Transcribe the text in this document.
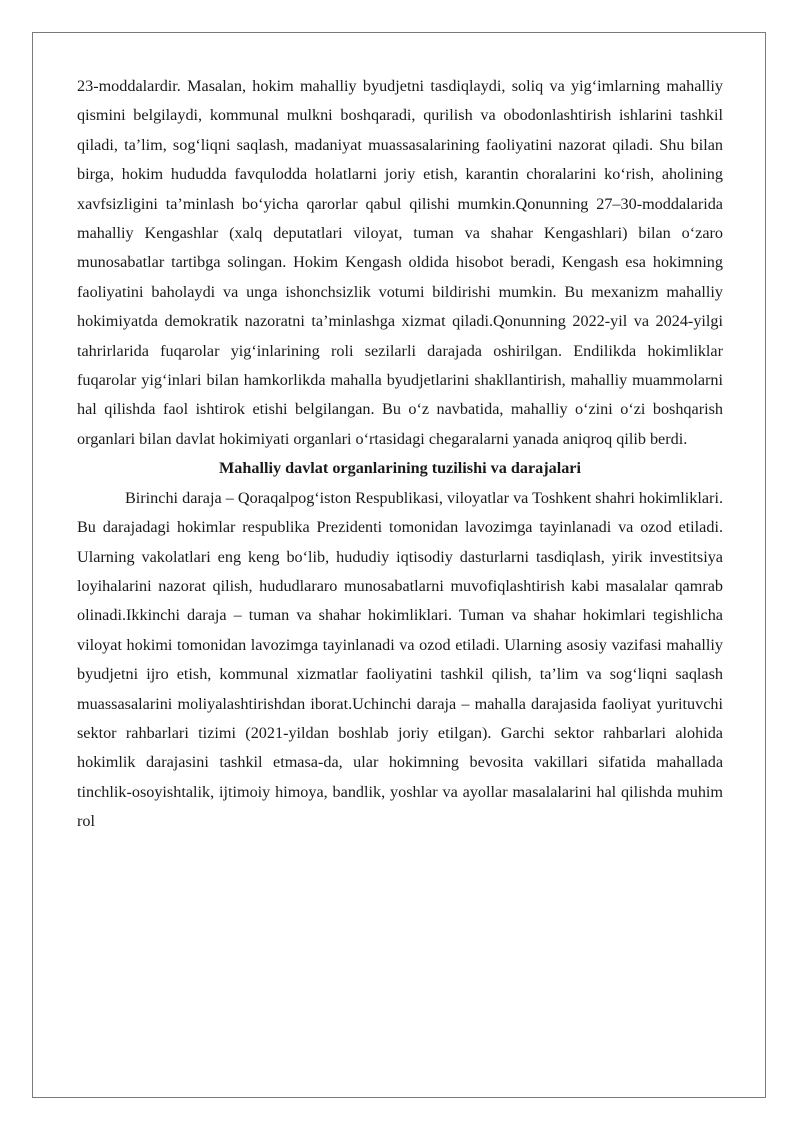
23-moddalardir. Masalan, hokim mahalliy byudjetni tasdiqlaydi, soliq va yig‘imlarning mahalliy qismini belgilaydi, kommunal mulkni boshqaradi, qurilish va obodonlashtirish ishlarini tashkil qiladi, ta’lim, sog‘liqni saqlash, madaniyat muassasalarining faoliyatini nazorat qiladi. Shu bilan birga, hokim hududda favqulodda holatlarni joriy etish, karantin choralarini ko‘rish, aholining xavfsizligini ta’minlash bo‘yicha qarorlar qabul qilishi mumkin.Qonunning 27–30-moddalarida mahalliy Kengashlar (xalq deputatlari viloyat, tuman va shahar Kengashlari) bilan o‘zaro munosabatlar tartibga solingan. Hokim Kengash oldida hisobot beradi, Kengash esa hokimning faoliyatini baholaydi va unga ishonchsizlik votumi bildirishi mumkin. Bu mexanizm mahalliy hokimiyatda demokratik nazoratni ta’minlashga xizmat qiladi.Qonunning 2022-yil va 2024-yilgi tahrirlarida fuqarolar yig‘inlarining roli sezilarli darajada oshirilgan. Endilikda hokimliklar fuqarolar yig‘inlari bilan hamkorlikda mahalla byudjetlarini shakllantirish, mahalliy muammolarni hal qilishda faol ishtirok etishi belgilangan. Bu o‘z navbatida, mahalliy o‘zini o‘zi boshqarish organlari bilan davlat hokimiyati organlari o‘rtasidagi chegaralarni yanada aniqroq qilib berdi.

Mahalliy davlat organlarining tuzilishi va darajalari

Birinchi daraja – Qoraqalpog‘iston Respublikasi, viloyatlar va Toshkent shahri hokimliklari. Bu darajadagi hokimlar respublika Prezidenti tomonidan lavozimga tayinlanadi va ozod etiladi. Ularning vakolatlari eng keng bo‘lib, hududiy iqtisodiy dasturlarni tasdiqlash, yirik investitsiya loyihalarini nazorat qilish, hududlararo munosabatlarni muvofiqlashtirish kabi masalalar qamrab olinadi.Ikkinchi daraja – tuman va shahar hokimliklari. Tuman va shahar hokimlari tegishlicha viloyat hokimi tomonidan lavozimga tayinlanadi va ozod etiladi. Ularning asosiy vazifasi mahalliy byudjetni ijro etish, kommunal xizmatlar faoliyatini tashkil qilish, ta’lim va sog‘liqni saqlash muassasalarini moliyalashtirishdan iborat.Uchinchi daraja – mahalla darajasida faoliyat yurituvchi sektor rahbarlari tizimi (2021-yildan boshlab joriy etilgan). Garchi sektor rahbarlari alohida hokimlik darajasini tashkil etmasa-da, ular hokimning bevosita vakillari sifatida mahallada tinchlik-osoyishtalik, ijtimoiy himoya, bandlik, yoshlar va ayollar masalalarini hal qilishda muhim rol
